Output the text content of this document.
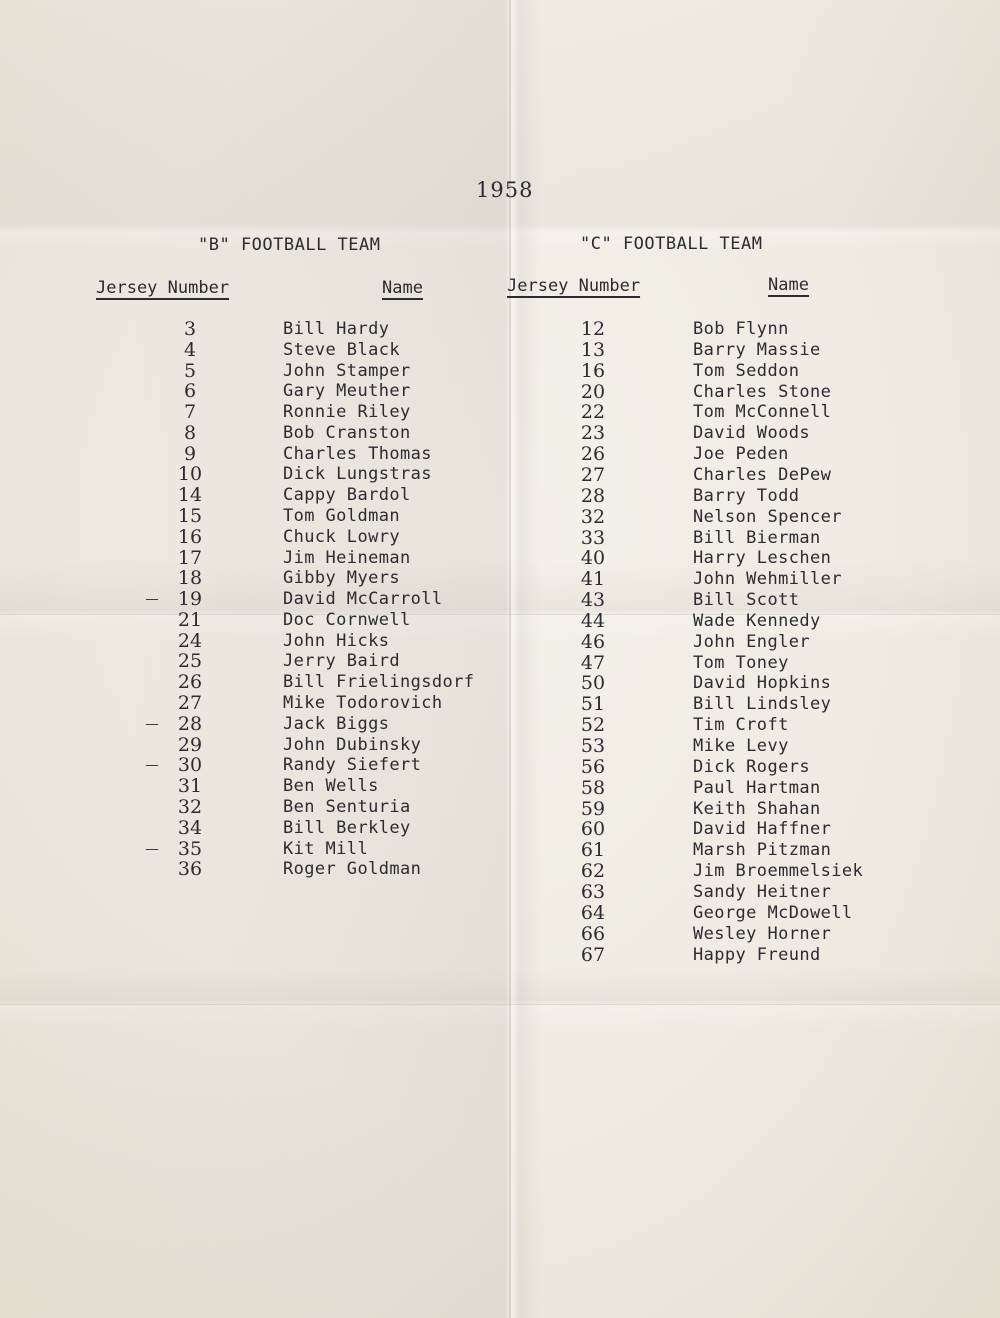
1958
"B" FOOTBALL TEAM	"C" FOOTBALL TEAM
Jersey Number	Name	Jersey Number	Name
3	Bill Hardy
4	Steve Black
5	John Stamper
6	Gary Meuther
7	Ronnie Riley
8	Bob Cranston
9	Charles Thomas
10	Dick Lungstras
14	Cappy Bardol
15	Tom Goldman
16	Chuck Lowry
17	Jim Heineman
18	Gibby Myers
19	David McCarroll
21	Doc Cornwell
24	John Hicks
25	Jerry Baird
26	Bill Frielingsdorf
27	Mike Todorovich
28	Jack Biggs
29	John Dubinsky
30	Randy Siefert
31	Ben Wells
32	Ben Senturia
34	Bill Berkley
35	Kit Mill
36	Roger Goldman
12	Bob Flynn
13	Barry Massie
16	Tom Seddon
20	Charles Stone
22	Tom McConnell
23	David Woods
26	Joe Peden
27	Charles DePew
28	Barry Todd
32	Nelson Spencer
33	Bill Bierman
40	Harry Leschen
41	John Wehmiller
43	Bill Scott
44	Wade Kennedy
46	John Engler
47	Tom Toney
50	David Hopkins
51	Bill Lindsley
52	Tim Croft
53	Mike Levy
56	Dick Rogers
58	Paul Hartman
59	Keith Shahan
60	David Haffner
61	Marsh Pitzman
62	Jim Broemmelsiek
63	Sandy Heitner
64	George McDowell
66	Wesley Horner
67	Happy Freund
